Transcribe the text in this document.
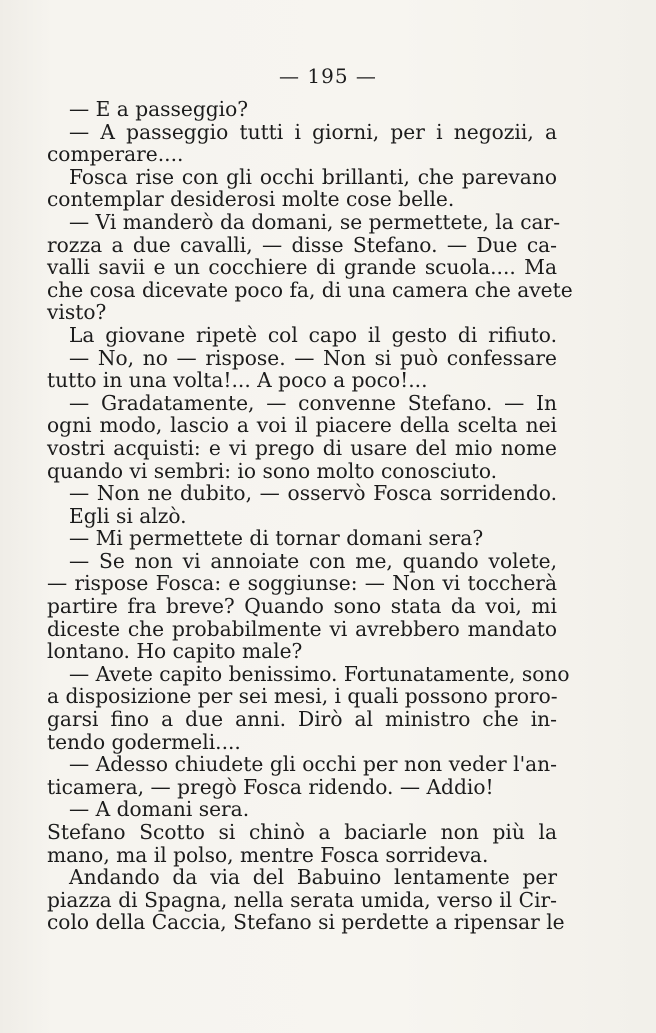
— 195 —
— E a passeggio?
— A passeggio tutti i giorni, per i negozii, a
comperare....
Fosca rise con gli occhi brillanti, che parevano
contemplar desiderosi molte cose belle.
— Vi manderò da domani, se permettete, la car-
rozza a due cavalli, — disse Stefano. — Due ca-
valli savii e un cocchiere di grande scuola.... Ma
che cosa dicevate poco fa, di una camera che avete
visto?
La giovane ripetè col capo il gesto di rifiuto.
— No, no — rispose. — Non si può confessare
tutto in una volta!... A poco a poco!...
— Gradatamente, — convenne Stefano. — In
ogni modo, lascio a voi il piacere della scelta nei
vostri acquisti: e vi prego di usare del mio nome
quando vi sembri: io sono molto conosciuto.
— Non ne dubito, — osservò Fosca sorridendo.
Egli si alzò.
— Mi permettete di tornar domani sera?
— Se non vi annoiate con me, quando volete,
— rispose Fosca: e soggiunse: — Non vi toccherà
partire fra breve? Quando sono stata da voi, mi
diceste che probabilmente vi avrebbero mandato
lontano. Ho capito male?
— Avete capito benissimo. Fortunatamente, sono
a disposizione per sei mesi, i quali possono proro-
garsi fino a due anni. Dirò al ministro che in-
tendo godermeli....
— Adesso chiudete gli occhi per non veder l'an-
ticamera, — pregò Fosca ridendo. — Addio!
— A domani sera.
Stefano Scotto si chinò a baciarle non più la
mano, ma il polso, mentre Fosca sorrideva.
Andando da via del Babuino lentamente per
piazza di Spagna, nella serata umida, verso il Cir-
colo della Caccia, Stefano si perdette a ripensar le
